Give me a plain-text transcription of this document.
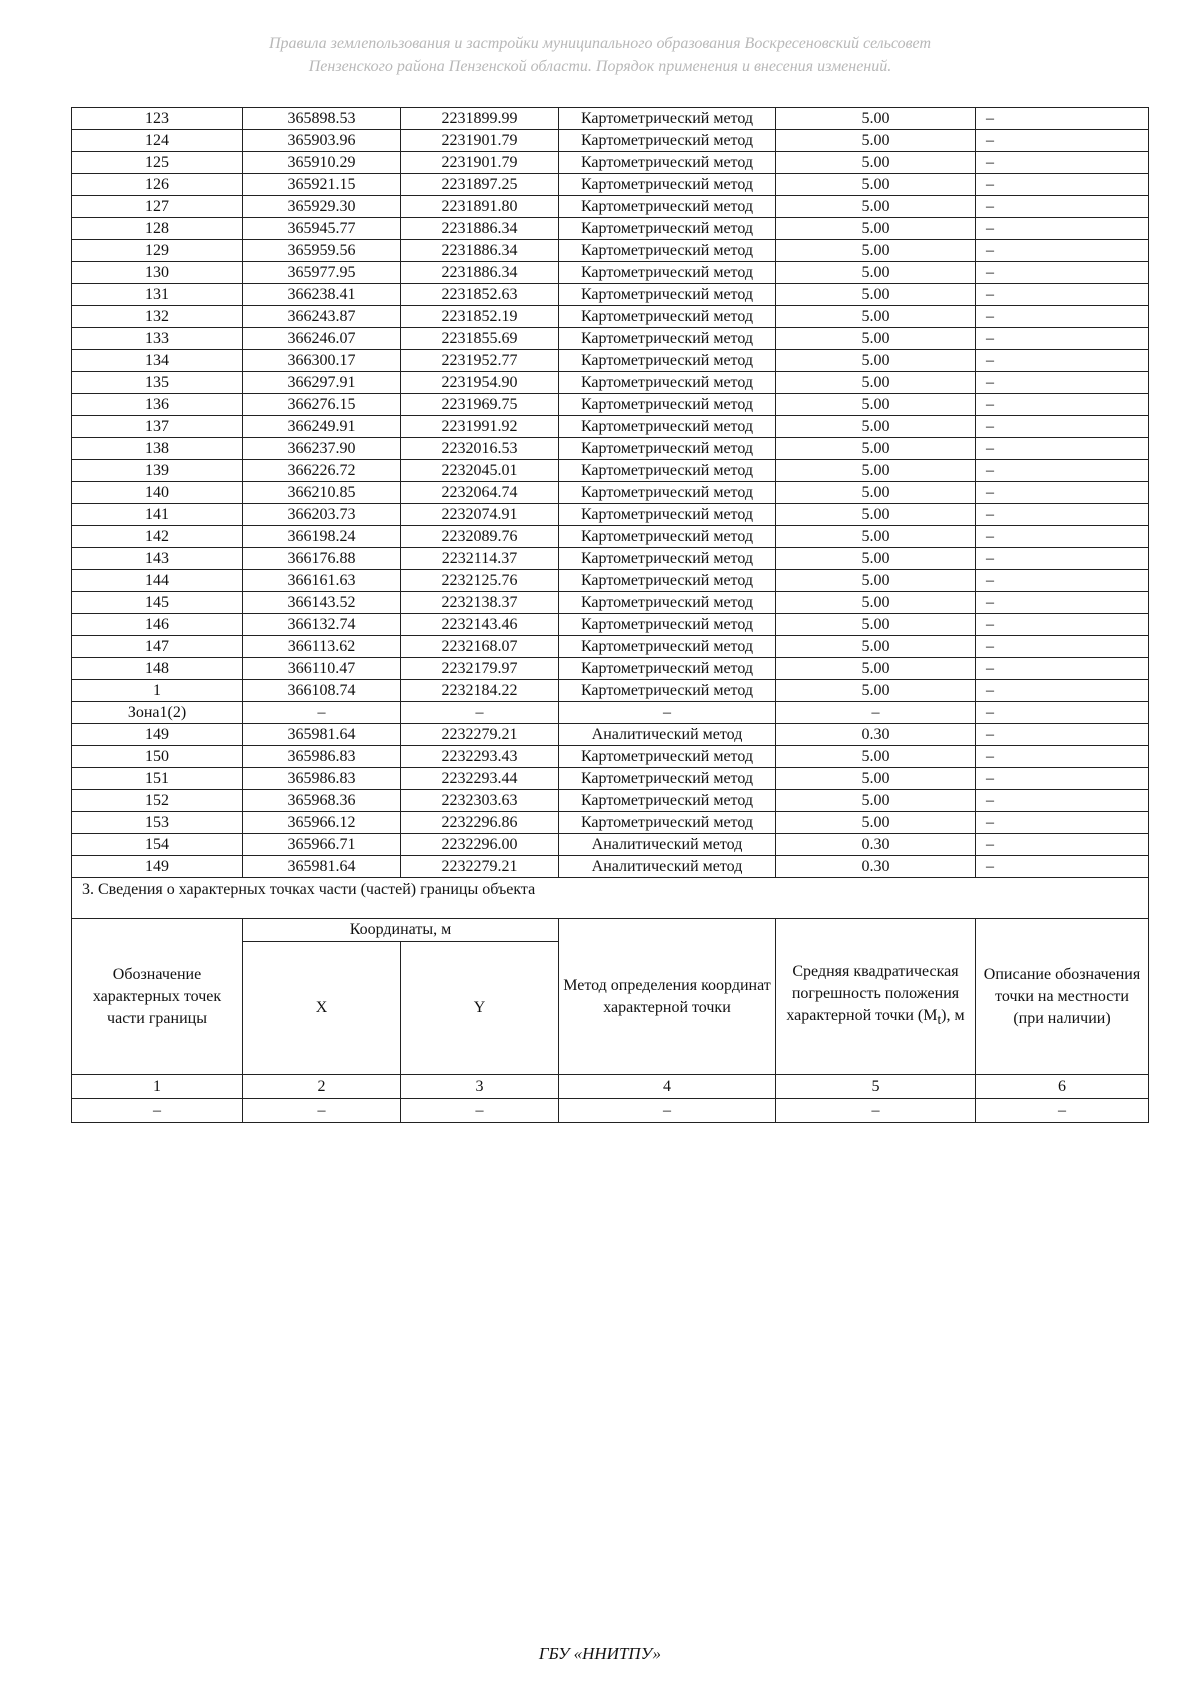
Правила землепользования и застройки муниципального образования Воскресеновский сельсовет
Пензенского района Пензенской области. Порядок применения и внесения изменений.
123	365898.53	2231899.99	Картометрический метод	5.00	–
124	365903.96	2231901.79	Картометрический метод	5.00	–
125	365910.29	2231901.79	Картометрический метод	5.00	–
126	365921.15	2231897.25	Картометрический метод	5.00	–
127	365929.30	2231891.80	Картометрический метод	5.00	–
128	365945.77	2231886.34	Картометрический метод	5.00	–
129	365959.56	2231886.34	Картометрический метод	5.00	–
130	365977.95	2231886.34	Картометрический метод	5.00	–
131	366238.41	2231852.63	Картометрический метод	5.00	–
132	366243.87	2231852.19	Картометрический метод	5.00	–
133	366246.07	2231855.69	Картометрический метод	5.00	–
134	366300.17	2231952.77	Картометрический метод	5.00	–
135	366297.91	2231954.90	Картометрический метод	5.00	–
136	366276.15	2231969.75	Картометрический метод	5.00	–
137	366249.91	2231991.92	Картометрический метод	5.00	–
138	366237.90	2232016.53	Картометрический метод	5.00	–
139	366226.72	2232045.01	Картометрический метод	5.00	–
140	366210.85	2232064.74	Картометрический метод	5.00	–
141	366203.73	2232074.91	Картометрический метод	5.00	–
142	366198.24	2232089.76	Картометрический метод	5.00	–
143	366176.88	2232114.37	Картометрический метод	5.00	–
144	366161.63	2232125.76	Картометрический метод	5.00	–
145	366143.52	2232138.37	Картометрический метод	5.00	–
146	366132.74	2232143.46	Картометрический метод	5.00	–
147	366113.62	2232168.07	Картометрический метод	5.00	–
148	366110.47	2232179.97	Картометрический метод	5.00	–
1	366108.74	2232184.22	Картометрический метод	5.00	–
Зона1(2)	–	–	–	–	–
149	365981.64	2232279.21	Аналитический метод	0.30	–
150	365986.83	2232293.43	Картометрический метод	5.00	–
151	365986.83	2232293.44	Картометрический метод	5.00	–
152	365968.36	2232303.63	Картометрический метод	5.00	–
153	365966.12	2232296.86	Картометрический метод	5.00	–
154	365966.71	2232296.00	Аналитический метод	0.30	–
149	365981.64	2232279.21	Аналитический метод	0.30	–
3. Сведения о характерных точках части (частей) границы объекта					
Обозначение характерных точек части границы	Координаты, м		Метод определения координат характерной точки	Средняя квадратическая погрешность положения характерной точки $(M_t)$, м	Описание обозначения точки на местности (при наличии)
	X	Y			
1	2	3	4	5	6
–	–	–	–	–	–
ГБУ «ННИТПУ»
